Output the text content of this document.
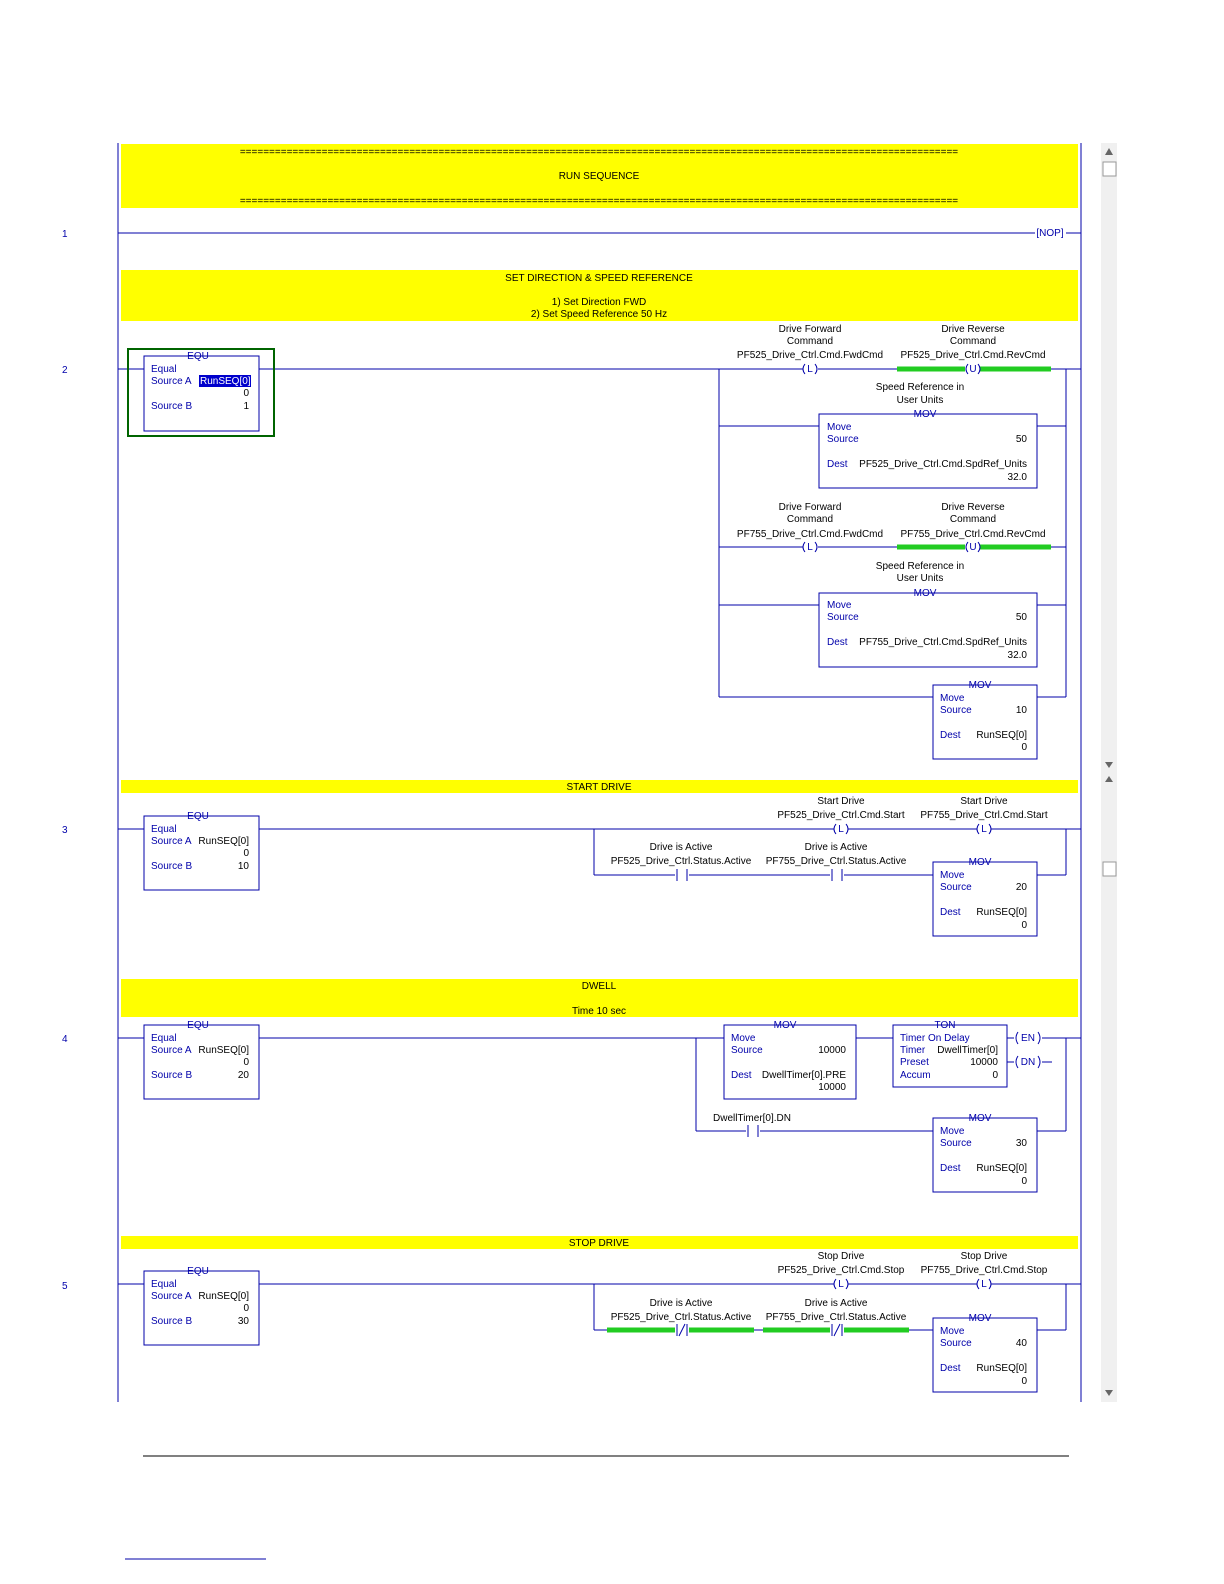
===========================================================================================================================
RUN SEQUENCE
===========================================================================================================================
1	[NOP]
SET DIRECTION & SPEED REFERENCE
1) Set Direction FWD
2) Set Speed Reference 50 Hz
2
EQU
Equal
Source A RunSEQ[0]
0
Source B	1
Drive Forward
Command
PF525_Drive_Ctrl.Cmd.FwdCmd
L
Drive Reverse
Command
PF525_Drive_Ctrl.Cmd.RevCmd
U
Speed Reference in
User Units
MOV
Move
Source	50
Dest PF525_Drive_Ctrl.Cmd.SpdRef_Units
32.0
Drive Forward
Command
PF755_Drive_Ctrl.Cmd.FwdCmd
L
Drive Reverse
Command
PF755_Drive_Ctrl.Cmd.RevCmd
U
Speed Reference in
User Units
MOV
Move
Source	50
Dest PF755_Drive_Ctrl.Cmd.SpdRef_Units
32.0
MOV
Move
Source	10
Dest RunSEQ[0]
0
START DRIVE
3
EQU
Equal
Source A RunSEQ[0]
0
Source B	10
Start Drive
PF525_Drive_Ctrl.Cmd.Start
L
Start Drive
PF755_Drive_Ctrl.Cmd.Start
L
Drive is Active
PF525_Drive_Ctrl.Status.Active
Drive is Active
PF755_Drive_Ctrl.Status.Active	MOV
Move
Source	20
Dest RunSEQ[0]
0
DWELL
Time 10 sec
4
EQU
Equal
Source A RunSEQ[0]
0
Source B	20
MOV
Move
Source	10000
Dest DwellTimer[0].PRE
10000
TON
Timer On Delay
Timer DwellTimer[0]
Preset	10000
Accum	0
EN
DN
DwellTimer[0].DN	MOV
Move
Source	30
Dest RunSEQ[0]
0
STOP DRIVE
5
EQU
Equal
Source A RunSEQ[0]
0
Source B	30
Stop Drive
PF525_Drive_Ctrl.Cmd.Stop
L
Stop Drive
PF755_Drive_Ctrl.Cmd.Stop
L
Drive is Active
PF525_Drive_Ctrl.Status.Active
Drive is Active
PF755_Drive_Ctrl.Status.Active	MOV
Move
Source	40
Dest RunSEQ[0]
0
